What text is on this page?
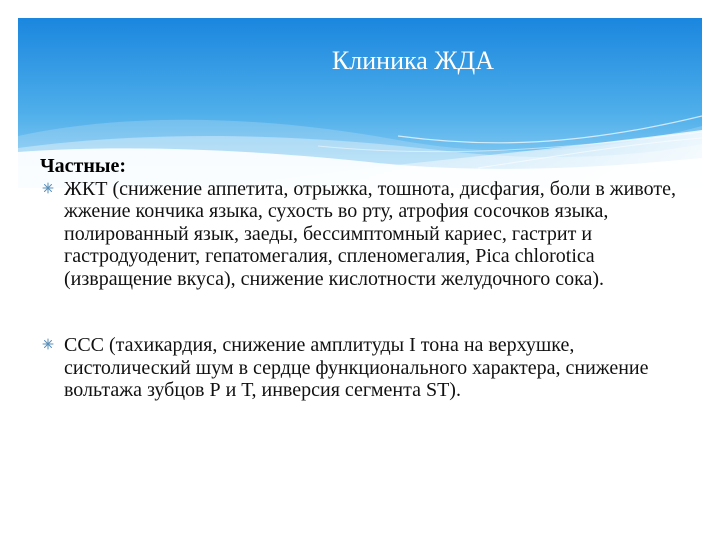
Клиника ЖДА

Частные:

ЖКТ (снижение аппетита, отрыжка, тошнота, дисфагия, боли в животе, жжение кончика языка, сухость во рту, атрофия сосочков языка, полированный язык, заеды, бессимптомный кариес, гастрит и гастродуоденит, гепатомегалия, спленомегалия, Pica chlorotica (извращение вкуса), снижение кислотности желудочного сока).
ССС (тахикардия, снижение амплитуды I тона на верхушке, систолический шум в сердце функционального характера, снижение вольтажа зубцов Р и Т, инверсия сегмента ST).
